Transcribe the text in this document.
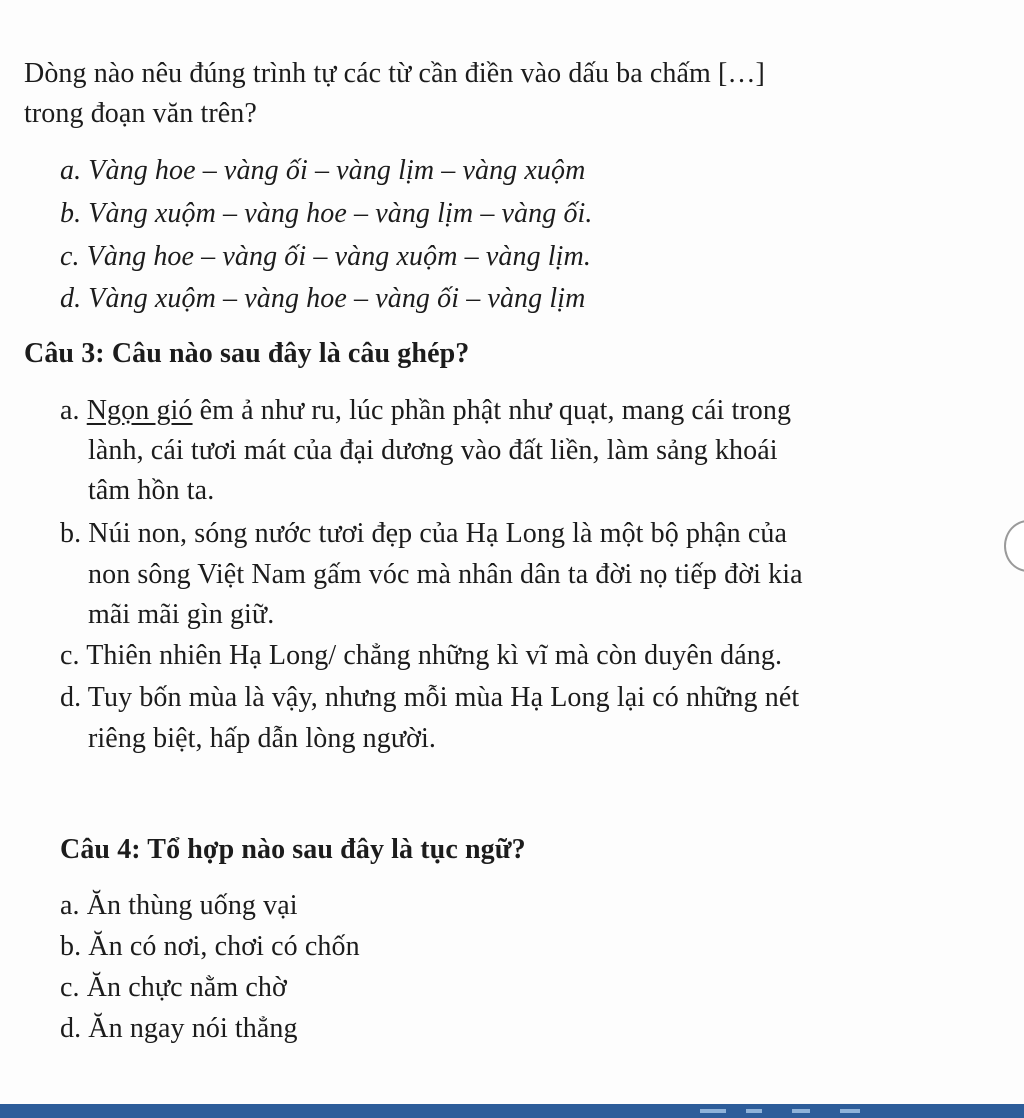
Dòng nào nêu đúng trình tự các từ cần điền vào dấu ba chấm […]
trong đoạn văn trên?
a. Vàng hoe – vàng ối – vàng lịm – vàng xuộm
b. Vàng xuộm – vàng hoe – vàng lịm – vàng ối.
c. Vàng hoe – vàng ối – vàng xuộm – vàng lịm.
d. Vàng xuộm – vàng hoe – vàng ối – vàng lịm
Câu 3: Câu nào sau đây là câu ghép?
a. Ngọn gió êm ả như ru, lúc phần phật như quạt, mang cái trong
lành, cái tươi mát của đại dương vào đất liền, làm sảng khoái
tâm hồn ta.
b. Núi non, sóng nước tươi đẹp của Hạ Long là một bộ phận của
non sông Việt Nam gấm vóc mà nhân dân ta đời nọ tiếp đời kia
mãi mãi gìn giữ.
c. Thiên nhiên Hạ Long/ chẳng những kì vĩ mà còn duyên dáng.
d. Tuy bốn mùa là vậy, nhưng mỗi mùa Hạ Long lại có những nét
riêng biệt, hấp dẫn lòng người.
Câu 4: Tổ hợp nào sau đây là tục ngữ?
a. Ăn thùng uống vại
b. Ăn có nơi, chơi có chốn
c. Ăn chực nằm chờ
d. Ăn ngay nói thẳng
